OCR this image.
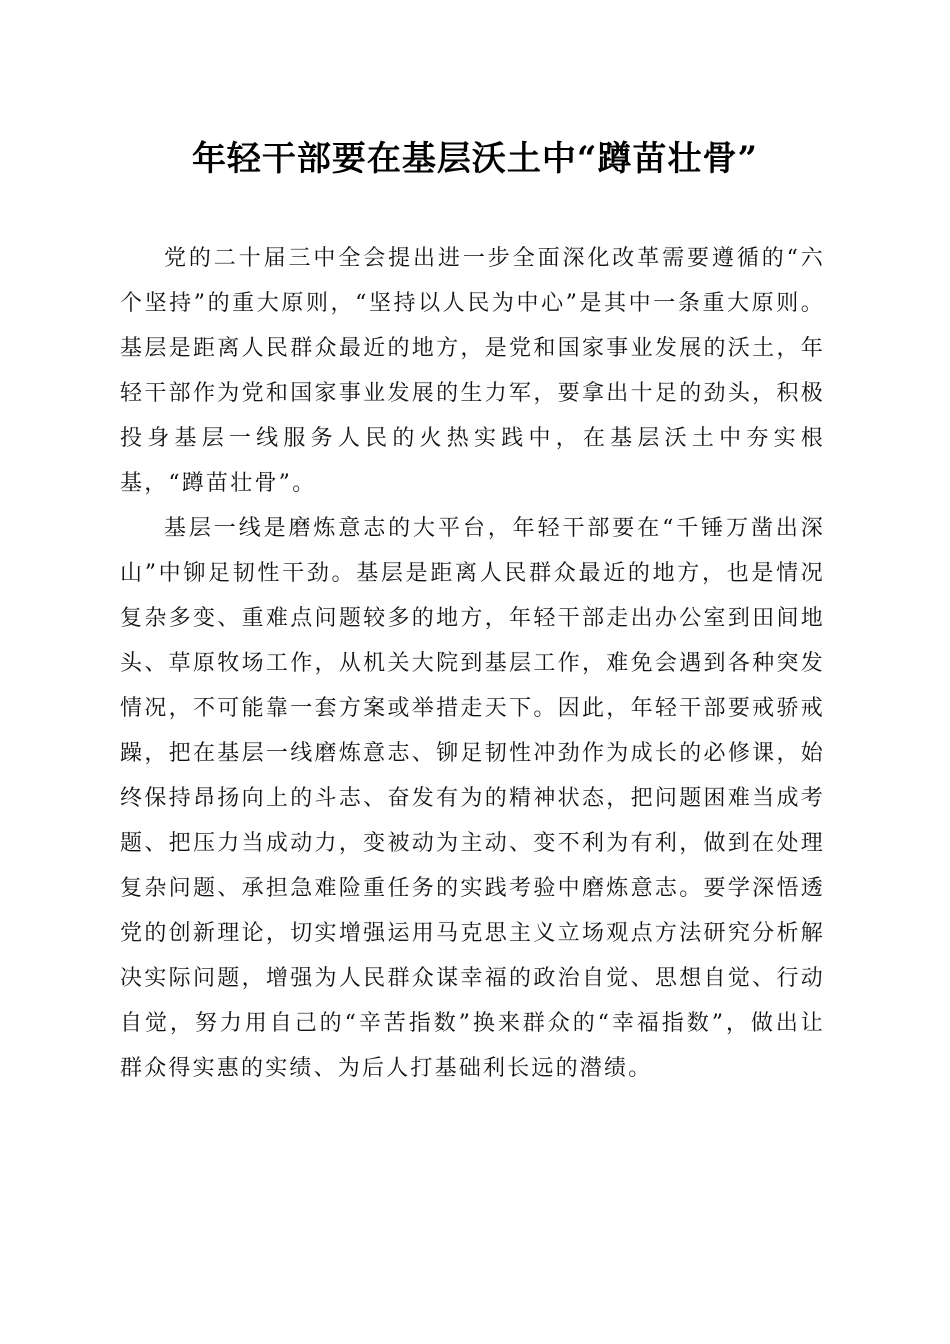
年轻干部要在基层沃土中“蹲苗壮骨”

党的二十届三中全会提出进一步全面深化改革需要遵循的“六个坚持”的重大原则，“坚持以人民为中心”是其中一条重大原则。基层是距离人民群众最近的地方，是党和国家事业发展的沃土，年轻干部作为党和国家事业发展的生力军，要拿出十足的劲头，积极投身基层一线服务人民的火热实践中，在基层沃土中夯实根基，“蹲苗壮骨”。

基层一线是磨炼意志的大平台，年轻干部要在“千锤万凿出深山”中铆足韧性干劲。基层是距离人民群众最近的地方，也是情况复杂多变、重难点问题较多的地方，年轻干部走出办公室到田间地头、草原牧场工作，从机关大院到基层工作，难免会遇到各种突发情况，不可能靠一套方案或举措走天下。因此，年轻干部要戒骄戒躁，把在基层一线磨炼意志、铆足韧性冲劲作为成长的必修课，始终保持昂扬向上的斗志、奋发有为的精神状态，把问题困难当成考题、把压力当成动力，变被动为主动、变不利为有利，做到在处理复杂问题、承担急难险重任务的实践考验中磨炼意志。要学深悟透党的创新理论，切实增强运用马克思主义立场观点方法研究分析解决实际问题，增强为人民群众谋幸福的政治自觉、思想自觉、行动自觉，努力用自己的“辛苦指数”换来群众的“幸福指数”，做出让群众得实惠的实绩、为后人打基础利长远的潜绩。
